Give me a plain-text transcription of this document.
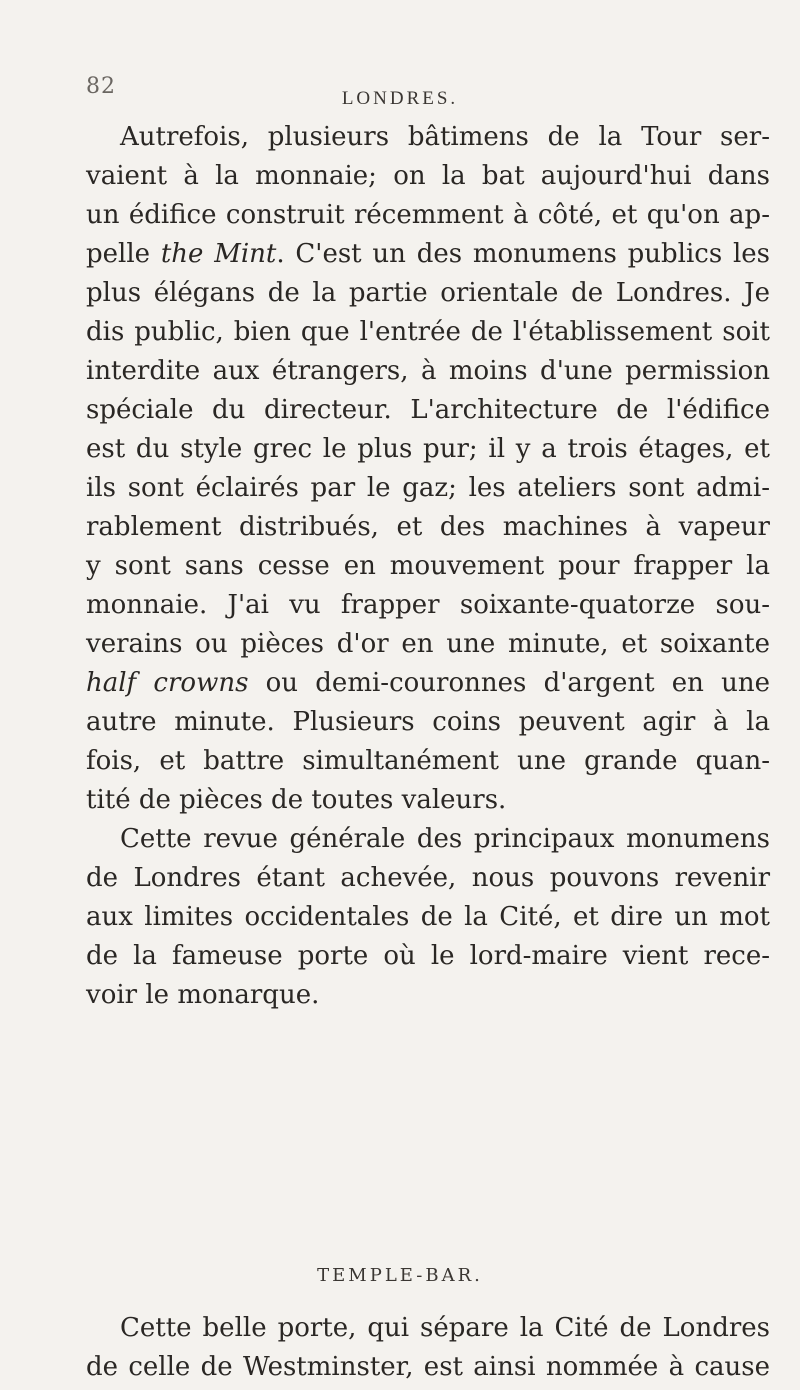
82	LONDRES.
Autrefois, plusieurs bâtimens de la Tour ser-
vaient à la monnaie; on la bat aujourd'hui dans
un édifice construit récemment à côté, et qu'on ap-
pelle the Mint. C'est un des monumens publics les
plus élégans de la partie orientale de Londres. Je
dis public, bien que l'entrée de l'établissement soit
interdite aux étrangers, à moins d'une permission
spéciale du directeur. L'architecture de l'édifice
est du style grec le plus pur; il y a trois étages, et
ils sont éclairés par le gaz; les ateliers sont admi-
rablement distribués, et des machines à vapeur
y sont sans cesse en mouvement pour frapper la
monnaie. J'ai vu frapper soixante-quatorze sou-
verains ou pièces d'or en une minute, et soixante
half crowns ou demi-couronnes d'argent en une
autre minute. Plusieurs coins peuvent agir à la
fois, et battre simultanément une grande quan-
tité de pièces de toutes valeurs.
Cette revue générale des principaux monumens
de Londres étant achevée, nous pouvons revenir
aux limites occidentales de la Cité, et dire un mot
de la fameuse porte où le lord-maire vient rece-
voir le monarque.
TEMPLE-BAR.
Cette belle porte, qui sépare la Cité de Londres
de celle de Westminster, est ainsi nommée à cause
